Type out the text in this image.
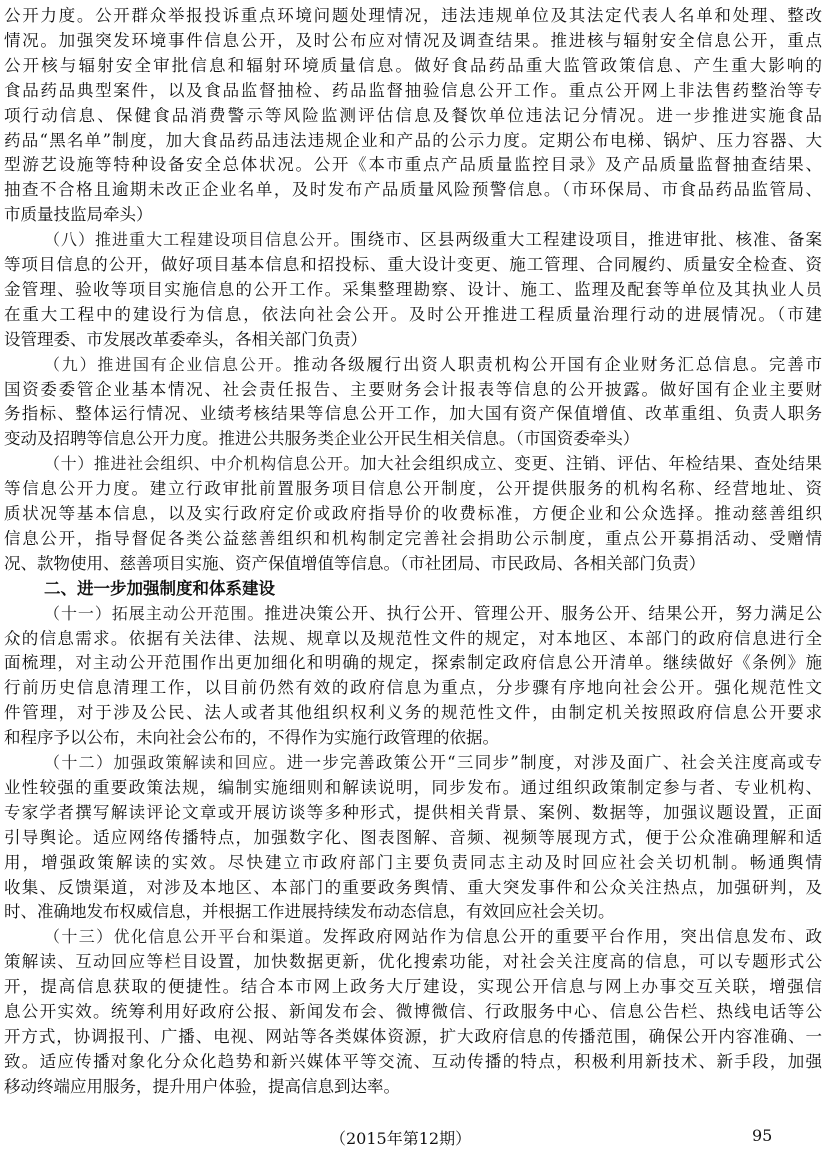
公开力度。公开群众举报投诉重点环境问题处理情况，违法违规单位及其法定代表人名单和处理、整改
情况。加强突发环境事件信息公开，及时公布应对情况及调查结果。推进核与辐射安全信息公开，重点
公开核与辐射安全审批信息和辐射环境质量信息。做好食品药品重大监管政策信息、产生重大影响的
食品药品典型案件，以及食品监督抽检、药品监督抽验信息公开工作。重点公开网上非法售药整治等专
项行动信息、保健食品消费警示等风险监测评估信息及餐饮单位违法记分情况。进一步推进实施食品
药品“黑名单”制度，加大食品药品违法违规企业和产品的公示力度。定期公布电梯、锅炉、压力容器、大
型游艺设施等特种设备安全总体状况。公开《本市重点产品质量监控目录》及产品质量监督抽查结果、
抽查不合格且逾期未改正企业名单，及时发布产品质量风险预警信息。（市环保局、市食品药品监管局、
市质量技监局牵头）
（八）推进重大工程建设项目信息公开。围绕市、区县两级重大工程建设项目，推进审批、核准、备案
等项目信息的公开，做好项目基本信息和招投标、重大设计变更、施工管理、合同履约、质量安全检查、资
金管理、验收等项目实施信息的公开工作。采集整理勘察、设计、施工、监理及配套等单位及其执业人员
在重大工程中的建设行为信息，依法向社会公开。及时公开推进工程质量治理行动的进展情况。（市建
设管理委、市发展改革委牵头，各相关部门负责）
（九）推进国有企业信息公开。推动各级履行出资人职责机构公开国有企业财务汇总信息。完善市
国资委委管企业基本情况、社会责任报告、主要财务会计报表等信息的公开披露。做好国有企业主要财
务指标、整体运行情况、业绩考核结果等信息公开工作，加大国有资产保值增值、改革重组、负责人职务
变动及招聘等信息公开力度。推进公共服务类企业公开民生相关信息。（市国资委牵头）
（十）推进社会组织、中介机构信息公开。加大社会组织成立、变更、注销、评估、年检结果、查处结果
等信息公开力度。建立行政审批前置服务项目信息公开制度，公开提供服务的机构名称、经营地址、资
质状况等基本信息，以及实行政府定价或政府指导价的收费标准，方便企业和公众选择。推动慈善组织
信息公开，指导督促各类公益慈善组织和机构制定完善社会捐助公示制度，重点公开募捐活动、受赠情
况、款物使用、慈善项目实施、资产保值增值等信息。（市社团局、市民政局、各相关部门负责）
二、进一步加强制度和体系建设
（十一）拓展主动公开范围。推进决策公开、执行公开、管理公开、服务公开、结果公开，努力满足公
众的信息需求。依据有关法律、法规、规章以及规范性文件的规定，对本地区、本部门的政府信息进行全
面梳理，对主动公开范围作出更加细化和明确的规定，探索制定政府信息公开清单。继续做好《条例》施
行前历史信息清理工作，以目前仍然有效的政府信息为重点，分步骤有序地向社会公开。强化规范性文
件管理，对于涉及公民、法人或者其他组织权利义务的规范性文件，由制定机关按照政府信息公开要求
和程序予以公布，未向社会公布的，不得作为实施行政管理的依据。
（十二）加强政策解读和回应。进一步完善政策公开“三同步”制度，对涉及面广、社会关注度高或专
业性较强的重要政策法规，编制实施细则和解读说明，同步发布。通过组织政策制定参与者、专业机构、
专家学者撰写解读评论文章或开展访谈等多种形式，提供相关背景、案例、数据等，加强议题设置，正面
引导舆论。适应网络传播特点，加强数字化、图表图解、音频、视频等展现方式，便于公众准确理解和适
用，增强政策解读的实效。尽快建立市政府部门主要负责同志主动及时回应社会关切机制。畅通舆情
收集、反馈渠道，对涉及本地区、本部门的重要政务舆情、重大突发事件和公众关注热点，加强研判，及
时、准确地发布权威信息，并根据工作进展持续发布动态信息，有效回应社会关切。
（十三）优化信息公开平台和渠道。发挥政府网站作为信息公开的重要平台作用，突出信息发布、政
策解读、互动回应等栏目设置，加快数据更新，优化搜索功能，对社会关注度高的信息，可以专题形式公
开，提高信息获取的便捷性。结合本市网上政务大厅建设，实现公开信息与网上办事交互关联，增强信
息公开实效。统筹利用好政府公报、新闻发布会、微博微信、行政服务中心、信息公告栏、热线电话等公
开方式，协调报刊、广播、电视、网站等各类媒体资源，扩大政府信息的传播范围，确保公开内容准确、一
致。适应传播对象化分众化趋势和新兴媒体平等交流、互动传播的特点，积极利用新技术、新手段，加强
移动终端应用服务，提升用户体验，提高信息到达率。
（2015年第12期）	95
